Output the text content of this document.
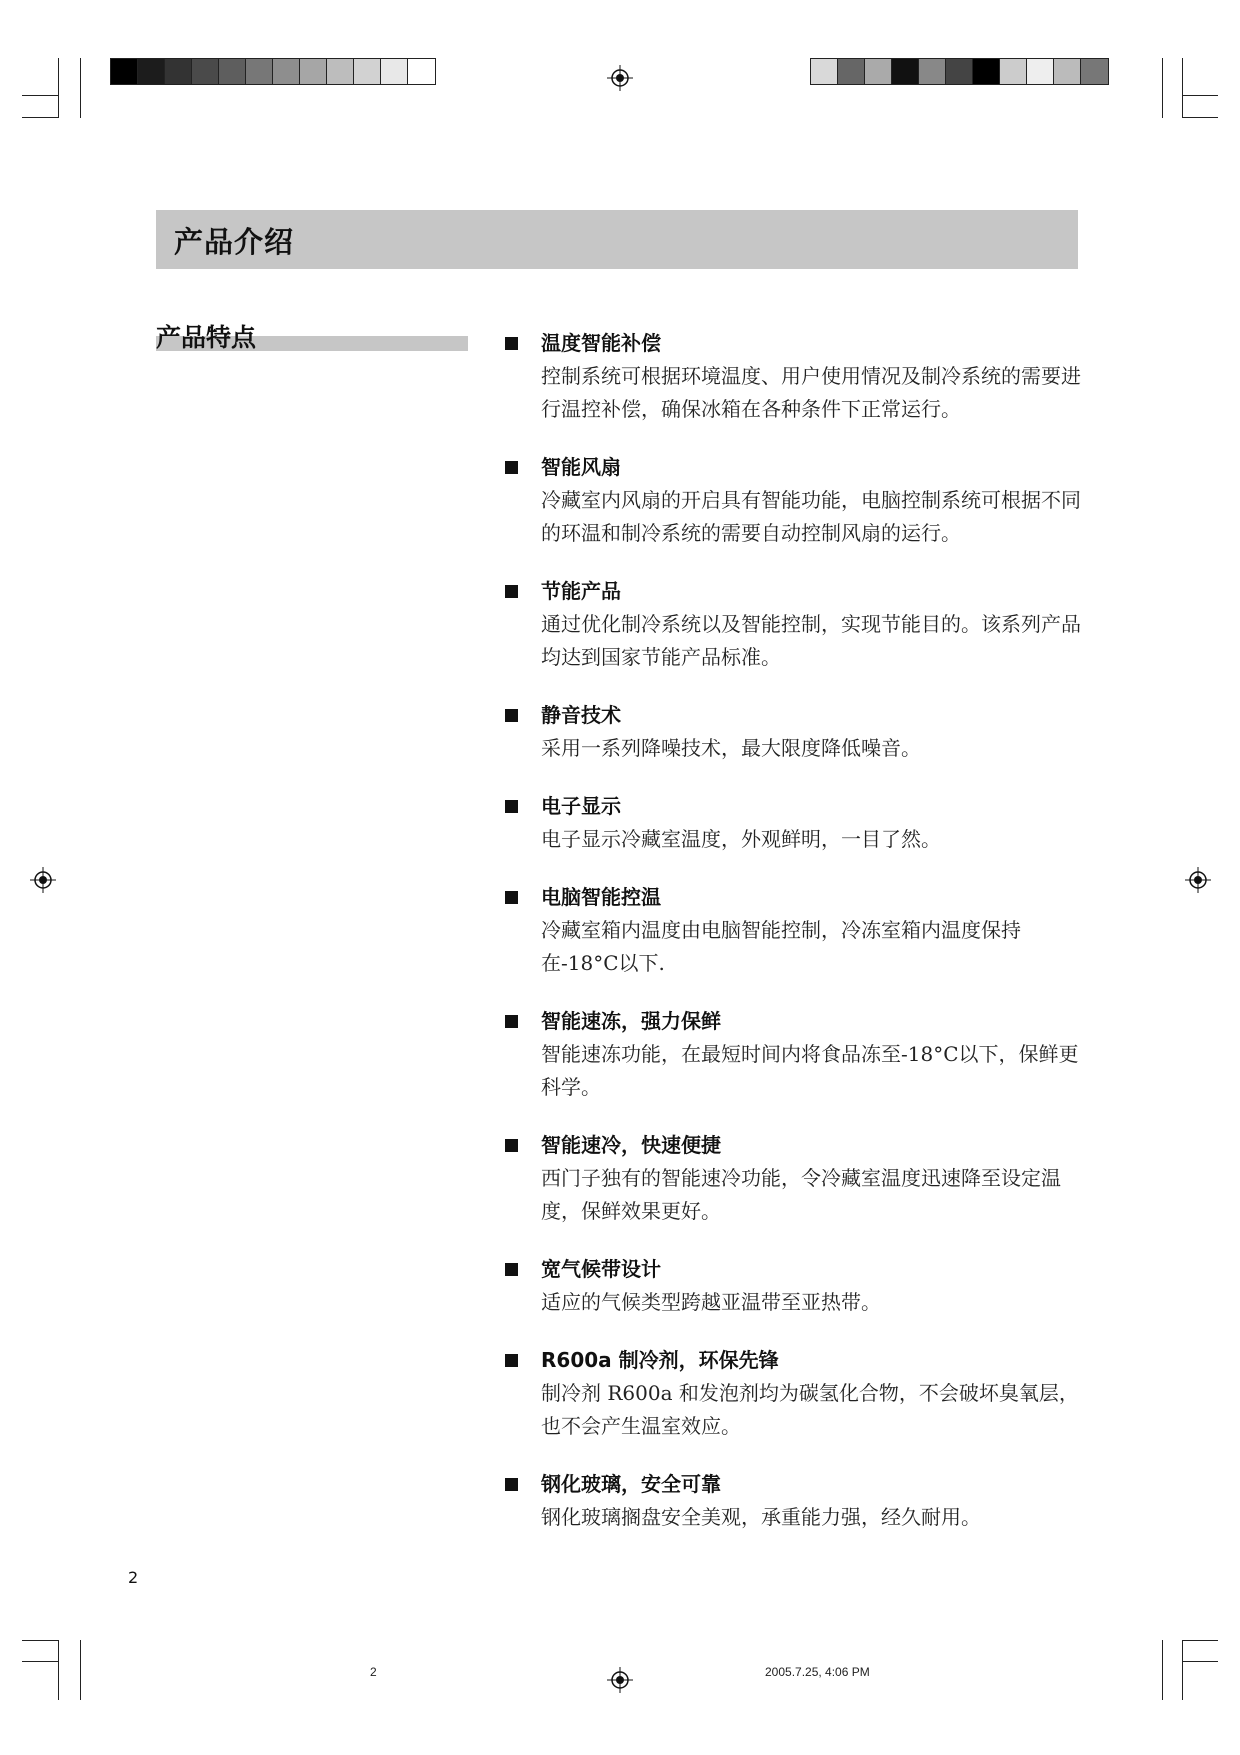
产品介绍
产品特点	温度智能补偿
控制系统可根据环境温度、用户使用情况及制冷系统的需要进行温控补偿，确保冰箱在各种条件下正常运行。
智能风扇
冷藏室内风扇的开启具有智能功能，电脑控制系统可根据不同的环温和制冷系统的需要自动控制风扇的运行。
节能产品
通过优化制冷系统以及智能控制，实现节能目的。该系列产品均达到国家节能产品标准。
静音技术
采用一系列降噪技术，最大限度降低噪音。
电子显示
电子显示冷藏室温度，外观鲜明，一目了然。
电脑智能控温
冷藏室箱内温度由电脑智能控制，冷冻室箱内温度保持在-18°C以下.
智能速冻，强力保鲜
智能速冻功能，在最短时间内将食品冻至-18°C以下，保鲜更科学。
智能速冷，快速便捷
西门子独有的智能速冷功能，令冷藏室温度迅速降至设定温度，保鲜效果更好。
宽气候带设计
适应的气候类型跨越亚温带至亚热带。
R600a 制冷剂，环保先锋
制冷剂 R600a 和发泡剂均为碳氢化合物，不会破坏臭氧层，也不会产生温室效应。
钢化玻璃，安全可靠
钢化玻璃搁盘安全美观，承重能力强，经久耐用。
2
2	2005.7.25, 4:06 PM
